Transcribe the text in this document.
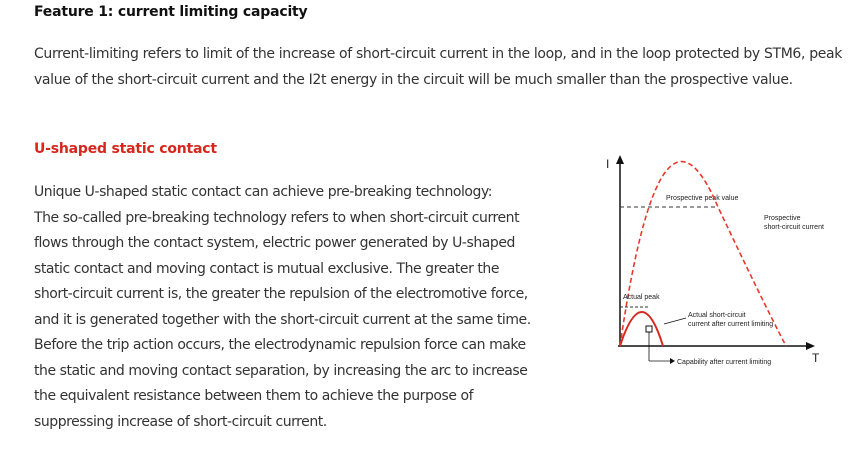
Feature 1: current limiting capacity
Current-limiting refers to limit of the increase of short-circuit current in the loop, and in the loop protected by STM6, peak value of the short-circuit current and the I2t energy in the circuit will be much smaller than the prospective value.
U-shaped static contact
Unique U-shaped static contact can achieve pre-breaking technology:
The so-called pre-breaking technology refers to when short-circuit current flows through the contact system, electric power generated by U-shaped static contact and moving contact is mutual exclusive. The greater the short-circuit current is, the greater the repulsion of the electromotive force, and it is generated together with the short-circuit current at the same time. Before the trip action occurs, the electrodynamic repulsion force can make the static and moving contact separation, by increasing the arc to increase the equivalent resistance between them to achieve the purpose of suppressing increase of short-circuit current.
I
T
Prospective peak value
Prospective
short-circuit current
Actual peak
Actual short-circuit
current after current limiting
Capability after current limiting
